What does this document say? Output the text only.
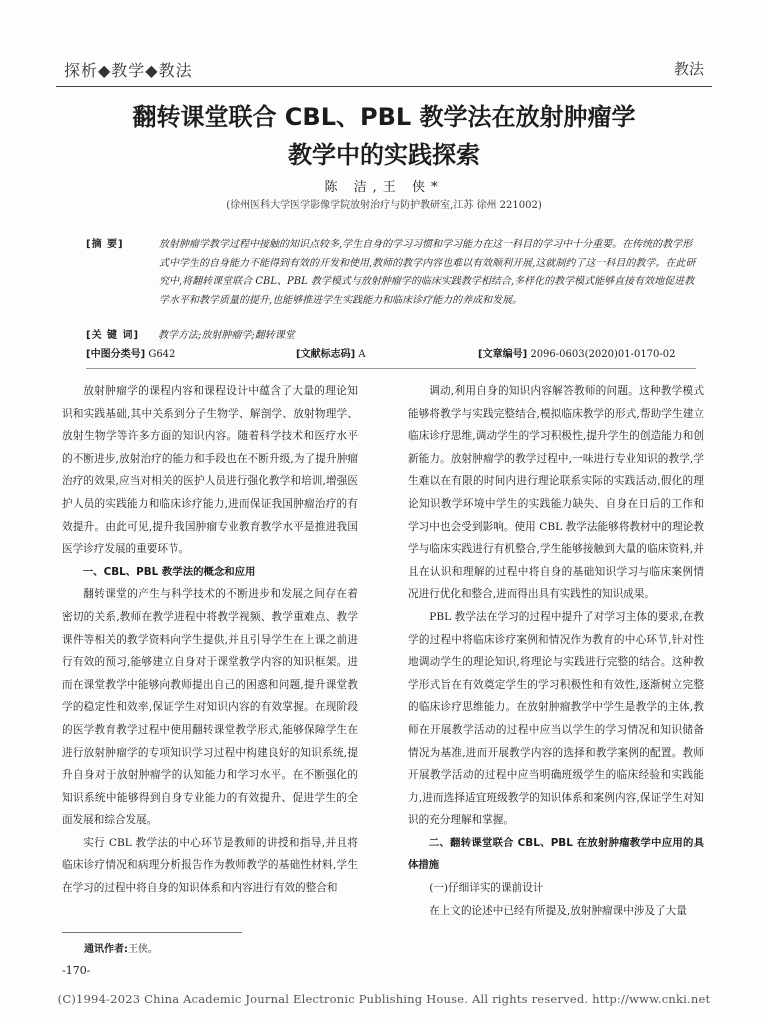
探析◆教学◆教法	教法
翻转课堂联合 CBL、PBL 教学法在放射肿瘤学
教学中的实践探索
陈 洁,王 侠*
(徐州医科大学医学影像学院放射治疗与防护教研室,江苏 徐州 221002)
[摘 要]	放射肿瘤学教学过程中接触的知识点较多,学生自身的学习习惯和学习能力在这一科目的学习中十分重要。在传统的教学形式中学生的自身能力不能得到有效的开发和使用,教师的教学内容也难以有效顺利开展,这就制约了这一科目的教学。在此研究中,将翻转课堂联合 CBL、PBL 教学模式与放射肿瘤学的临床实践教学相结合,多样化的教学模式能够直接有效地促进教学水平和教学质量的提升,也能够推进学生实践能力和临床诊疗能力的养成和发展。
[关 键 词] 教学方法;放射肿瘤学;翻转课堂
[中图分类号] G642	[文献标志码] A	[文章编号] 2096-0603(2020)01-0170-02

放射肿瘤学的课程内容和课程设计中蕴含了大量的理论知识和实践基础,其中关系到分子生物学、解剖学、放射物理学、放射生物学等许多方面的知识内容。随着科学技术和医疗水平的不断进步,放射治疗的能力和手段也在不断升级,为了提升肿瘤治疗的效果,应当对相关的医护人员进行强化教学和培训,增强医护人员的实践能力和临床诊疗能力,进而保证我国肿瘤治疗的有效提升。由此可见,提升我国肿瘤专业教育教学水平是推进我国医学诊疗发展的重要环节。

一、CBL、PBL 教学法的概念和应用

翻转课堂的产生与科学技术的不断进步和发展之间存在着密切的关系,教师在教学进程中将教学视频、教学重难点、教学课件等相关的教学资料向学生提供,并且引导学生在上课之前进行有效的预习,能够建立自身对于课堂教学内容的知识框架。进而在课堂教学中能够向教师提出自己的困惑和问题,提升课堂教学的稳定性和效率,保证学生对知识内容的有效掌握。在现阶段的医学教育教学过程中使用翻转课堂教学形式,能够保障学生在进行放射肿瘤学的专项知识学习过程中构建良好的知识系统,提升自身对于放射肿瘤学的认知能力和学习水平。在不断强化的知识系统中能够得到自身专业能力的有效提升、促进学生的全面发展和综合发展。

实行 CBL 教学法的中心环节是教师的讲授和指导,并且将临床诊疗情况和病理分析报告作为教师教学的基础性材料,学生在学习的过程中将自身的知识体系和内容进行有效的整合和

调动,利用自身的知识内容解答教师的问题。这种教学模式能够将教学与实践完整结合,模拟临床教学的形式,帮助学生建立临床诊疗思维,调动学生的学习积极性,提升学生的创造能力和创新能力。放射肿瘤学的教学过程中,一味进行专业知识的教学,学生难以在有限的时间内进行理论联系实际的实践活动,假化的理论知识教学环境中学生的实践能力缺失、自身在日后的工作和学习中也会受到影响。使用 CBL 教学法能够将教材中的理论教学与临床实践进行有机整合,学生能够接触到大量的临床资料,并且在认识和理解的过程中将自身的基础知识学习与临床案例情况进行优化和整合,进而得出具有实践性的知识成果。

PBL 教学法在学习的过程中提升了对学习主体的要求,在教学的过程中将临床诊疗案例和情况作为教育的中心环节,针对性地调动学生的理论知识,将理论与实践进行完整的结合。这种教学形式旨在有效奠定学生的学习积极性和有效性,逐渐树立完整的临床诊疗思维能力。在放射肿瘤教学中学生是教学的主体,教师在开展教学活动的过程中应当以学生的学习情况和知识储备情况为基准,进而开展教学内容的选择和教学案例的配置。教师开展教学活动的过程中应当明确班级学生的临床经验和实践能力,进而选择适宜班级教学的知识体系和案例内容,保证学生对知识的充分理解和掌握。

二、翻转课堂联合 CBL、PBL 在放射肿瘤教学中应用的具体措施

(一)仔细详实的课前设计

在上文的论述中已经有所提及,放射肿瘤课中涉及了大量

通讯作者:王侠。
-170-
(C)1994-2023 China Academic Journal Electronic Publishing House. All rights reserved. http://www.cnki.net
